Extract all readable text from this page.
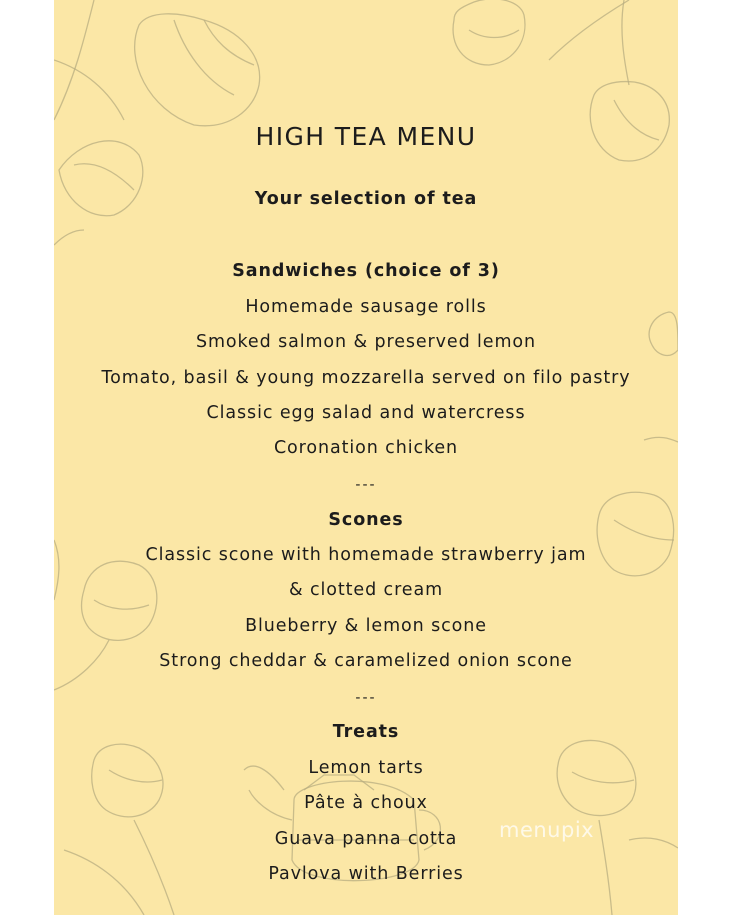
HIGH TEA MENU
Your selection of tea
Sandwiches (choice of 3)
Homemade sausage rolls
Smoked salmon & preserved lemon
Tomato, basil & young mozzarella served on filo pastry
Classic egg salad and watercress
Coronation chicken
---
Scones
Classic scone with homemade strawberry jam
& clotted cream
Blueberry & lemon scone
Strong cheddar & caramelized onion scone
---
Treats
Lemon tarts
Pâte à choux
Guava panna cotta
Pavlova with Berries
menupix
